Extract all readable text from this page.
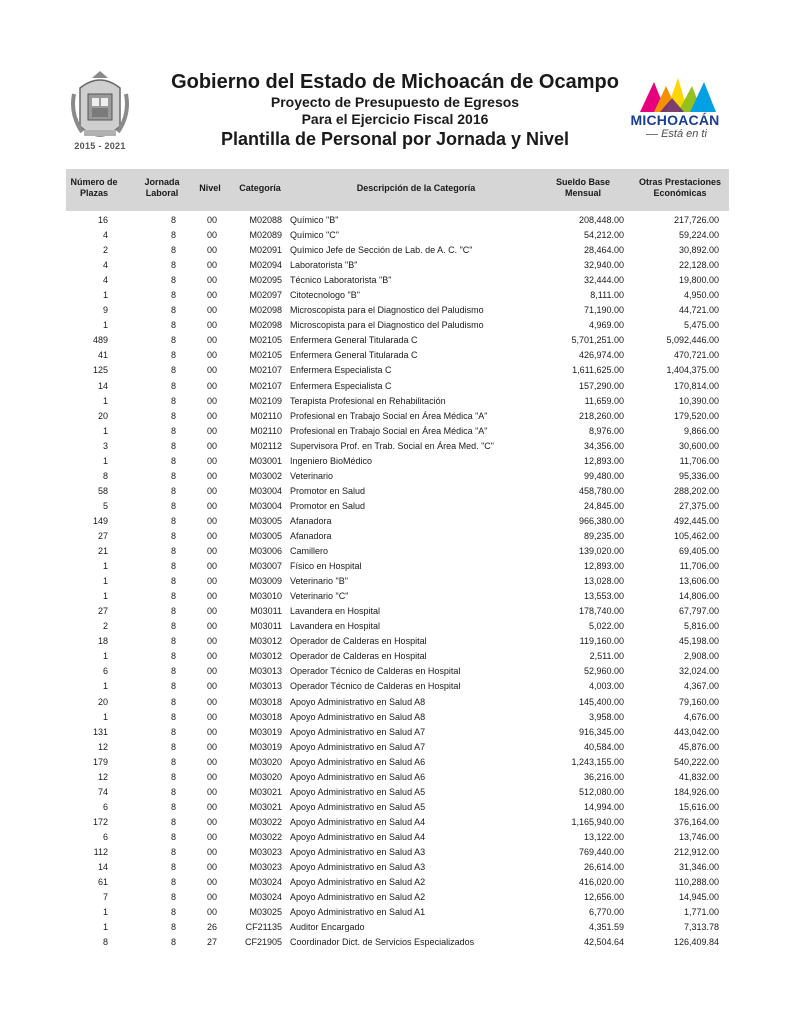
2015 - 2021
Gobierno del Estado de Michoacán de Ocampo
Proyecto de Presupuesto de Egresos
Para el Ejercicio Fiscal 2016
Plantilla de Personal por Jornada y Nivel
MICHOACÁN
Está en ti
Número de
Plazas
Jornada
Laboral	Nivel	Categoría	Descripción de la Categoría
Sueldo Base
Mensual
Otras Prestaciones
Económicas
16	8	00	M02088 Químico "B"	208,448.00	217,726.00
4	8	00	M02089 Químico "C"	54,212.00	59,224.00
2	8	00	M02091 Químico Jefe de Sección de Lab. de A. C. "C"	28,464.00	30,892.00
4	8	00	M02094 Laboratorista "B"	32,940.00	22,128.00
4	8	00	M02095 Técnico Laboratorista "B"	32,444.00	19,800.00
1	8	00	M02097 Citotecnologo "B"	8,111.00	4,950.00
9	8	00	M02098 Microscopista para el Diagnostico del Paludismo	71,190.00	44,721.00
1	8	00	M02098 Microscopista para el Diagnostico del Paludismo	4,969.00	5,475.00
489	8	00	M02105 Enfermera General Titularada C	5,701,251.00	5,092,446.00
41	8	00	M02105 Enfermera General Titularada C	426,974.00	470,721.00
125	8	00	M02107 Enfermera Especialista C	1,611,625.00	1,404,375.00
14	8	00	M02107 Enfermera Especialista C	157,290.00	170,814.00
1	8	00	M02109 Terapista Profesional en Rehabilitación	11,659.00	10,390.00
20	8	00	M02110 Profesional en Trabajo Social en Área Médica "A"	218,260.00	179,520.00
1	8	00	M02110 Profesional en Trabajo Social en Área Médica "A"	8,976.00	9,866.00
3	8	00	M02112 Supervisora Prof. en Trab. Social en Área Med. "C"	34,356.00	30,600.00
1	8	00	M03001 Ingeniero BioMédico	12,893.00	11,706.00
8	8	00	M03002 Veterinario	99,480.00	95,336.00
58	8	00	M03004 Promotor en Salud	458,780.00	288,202.00
5	8	00	M03004 Promotor en Salud	24,845.00	27,375.00
149	8	00	M03005 Afanadora	966,380.00	492,445.00
27	8	00	M03005 Afanadora	89,235.00	105,462.00
21	8	00	M03006 Camillero	139,020.00	69,405.00
1	8	00	M03007 Físico en Hospital	12,893.00	11,706.00
1	8	00	M03009 Veterinario "B"	13,028.00	13,606.00
1	8	00	M03010 Veterinario "C"	13,553.00	14,806.00
27	8	00	M03011 Lavandera en Hospital	178,740.00	67,797.00
2	8	00	M03011 Lavandera en Hospital	5,022.00	5,816.00
18	8	00	M03012 Operador de Calderas en Hospital	119,160.00	45,198.00
1	8	00	M03012 Operador de Calderas en Hospital	2,511.00	2,908.00
6	8	00	M03013 Operador Técnico de Calderas en Hospital	52,960.00	32,024.00
1	8	00	M03013 Operador Técnico de Calderas en Hospital	4,003.00	4,367.00
20	8	00	M03018 Apoyo Administrativo en Salud A8	145,400.00	79,160.00
1	8	00	M03018 Apoyo Administrativo en Salud A8	3,958.00	4,676.00
131	8	00	M03019 Apoyo Administrativo en Salud A7	916,345.00	443,042.00
12	8	00	M03019 Apoyo Administrativo en Salud A7	40,584.00	45,876.00
179	8	00	M03020 Apoyo Administrativo en Salud A6	1,243,155.00	540,222.00
12	8	00	M03020 Apoyo Administrativo en Salud A6	36,216.00	41,832.00
74	8	00	M03021 Apoyo Administrativo en Salud A5	512,080.00	184,926.00
6	8	00	M03021 Apoyo Administrativo en Salud A5	14,994.00	15,616.00
172	8	00	M03022 Apoyo Administrativo en Salud A4	1,165,940.00	376,164.00
6	8	00	M03022 Apoyo Administrativo en Salud A4	13,122.00	13,746.00
112	8	00	M03023 Apoyo Administrativo en Salud A3	769,440.00	212,912.00
14	8	00	M03023 Apoyo Administrativo en Salud A3	26,614.00	31,346.00
61	8	00	M03024 Apoyo Administrativo en Salud A2	416,020.00	110,288.00
7	8	00	M03024 Apoyo Administrativo en Salud A2	12,656.00	14,945.00
1	8	00	M03025 Apoyo Administrativo en Salud A1	6,770.00	1,771.00
1	8	26	CF21135 Auditor Encargado	4,351.59	7,313.78
8	8	27	CF21905 Coordinador Dict. de Servicios Especializados	42,504.64	126,409.84
